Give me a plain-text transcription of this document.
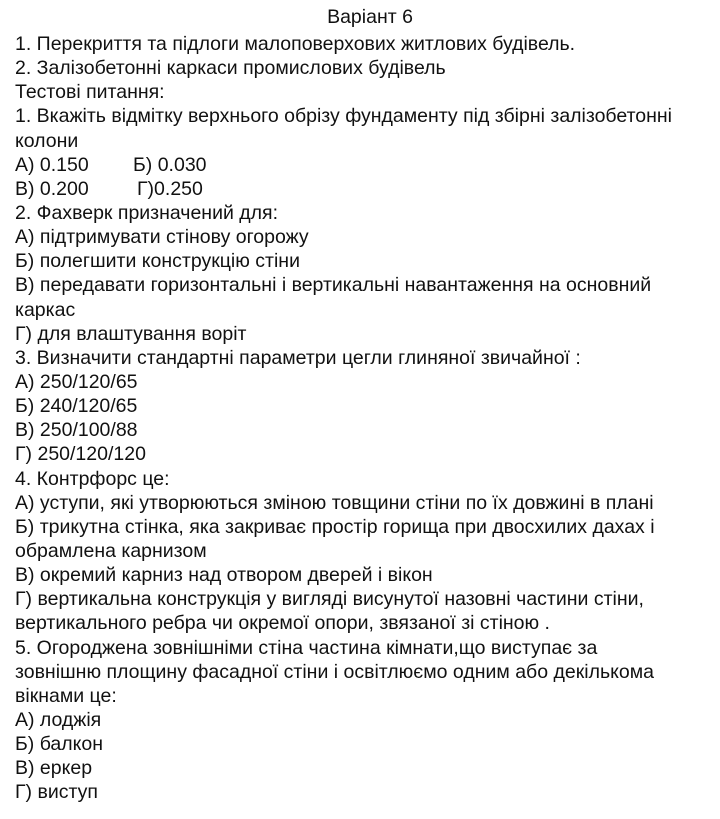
Варіант 6
1. Перекриття та підлоги малоповерхових житлових будівель.
2. Залізобетонні каркаси промислових будівель
Тестові питання:
1. Вкажіть відмітку верхнього обрізу фундаменту під збірні залізобетонні
колони
А) 0.150	Б) 0.030
В) 0.200	Г)0.250
2. Фахверк призначений для:
А) підтримувати стінову огорожу
Б) полегшити конструкцію стіни
В) передавати горизонтальні і вертикальні навантаження на основний
каркас
Г) для влаштування воріт
3. Визначити стандартні параметри цегли глиняної звичайної :
А) 250/120/65
Б) 240/120/65
В) 250/100/88
Г) 250/120/120
4. Контрфорс це:
А) уступи, які утворюються зміною товщини стіни по їх довжині в плані
Б) трикутна стінка, яка закриває простір горища при двосхилих дахах і
обрамлена карнизом
В) окремий карниз над отвором дверей і вікон
Г) вертикальна конструкція у вигляді висунутої назовні частини стіни,
вертикального ребра чи окремої опори, звязаної зі стіною .
5. Огороджена зовнішніми стіна частина кімнати,що виступає за
зовнішню площину фасадної стіни і освітлюємо одним або декількома
вікнами це:
А) лоджія
Б) балкон
В) еркер
Г) виступ
